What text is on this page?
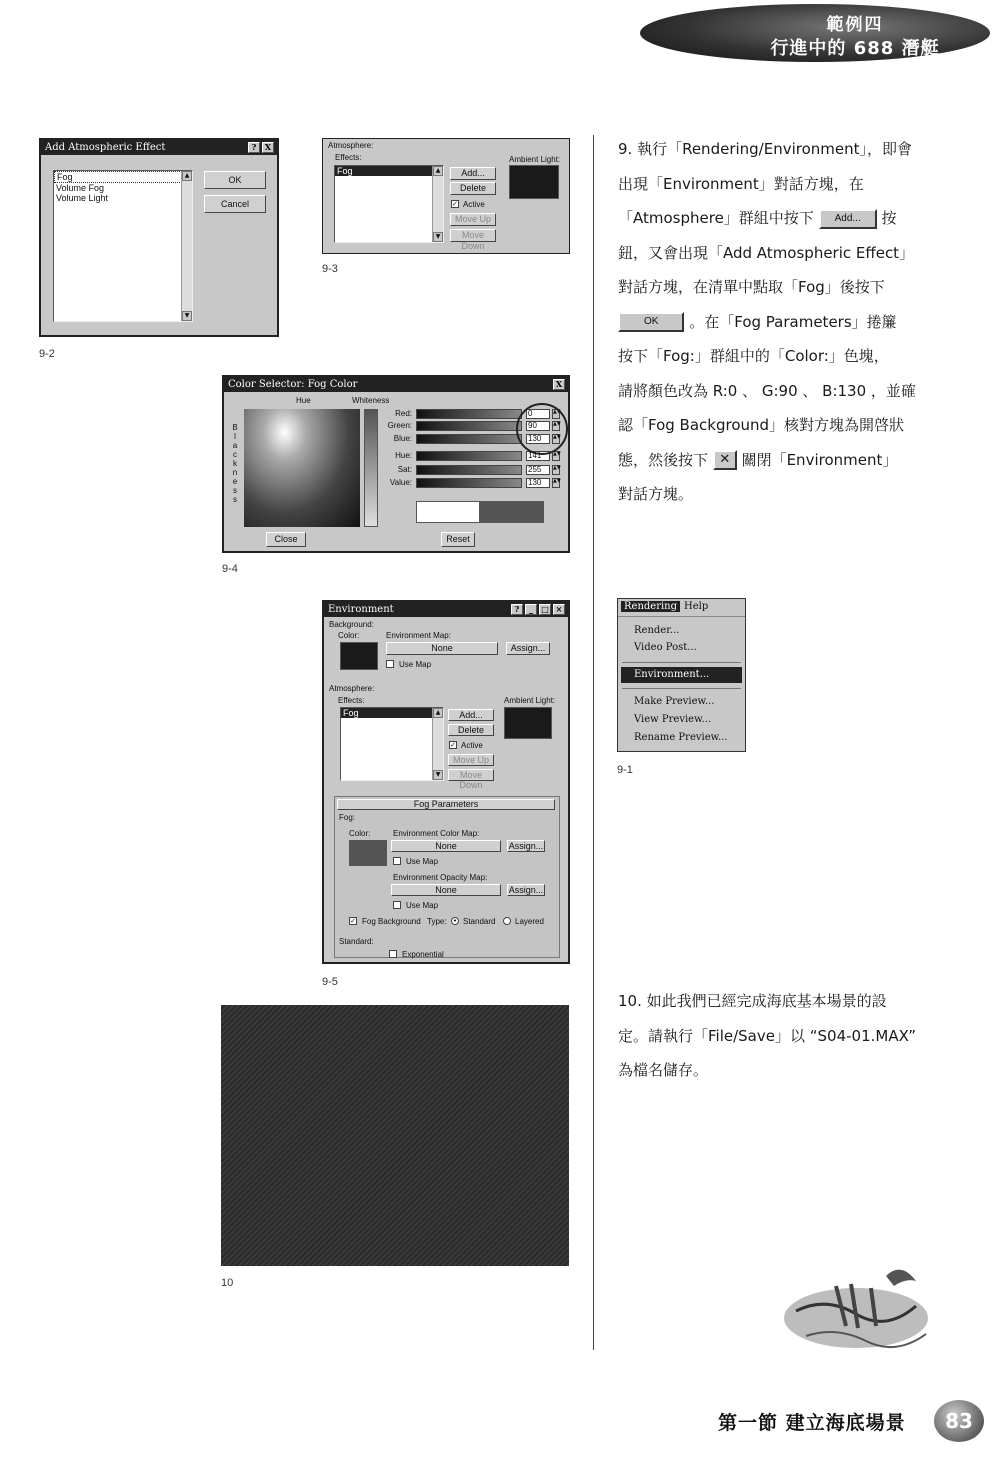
範例四
行進中的 688 潛艇
Add Atmospheric Effect	?	X
Fog
Volume Fog
Volume Light
▲
▼
OK
Cancel
9-2
Atmosphere:
Effects:	Ambient Light:
Fog	▲
▼
Add...
Delete
✓ Active
Move Up
Move Down
9-3
Color Selector: Fog Color	X
Hue	Whiteness
Blackness
Red:	0	▲▼
Green:	90	▲▼
Blue:	130	▲▼
Hue:	141	▲▼
Sat:	255	▲▼
Value:	130	▲▼
Close	Reset
9-4
Environment	?	_	□ ×
Background:
Color:	Environment Map:
None	Assign...
Use Map
Atmosphere:
Effects:	Ambient Light:
Fog	▲
▼
Add...
Delete
✓ Active
Move Up
Move Down
Fog Parameters
Fog:
Color:	Environment Color Map:
None	Assign...
Use Map
Environment Opacity Map:
None	Assign...
Use Map
✓ Fog Background Type: • Standard Layered
Standard:
Exponential
9-5
10
9. 執行「Rendering/Environment」，即會
出現「Environment」對話方塊，在
「Atmosphere」群組中按下 Add... 按
鈕，又會出現「Add Atmospheric Effect」
對話方塊，在清單中點取「Fog」後按下
OK 。在「Fog Parameters」捲簾
按下「Fog:」群組中的「Color:」色塊，
請將顏色改為 R:0 、 G:90 、 B:130 ，並確
認「Fog Background」核對方塊為開啓狀
態，然後按下 ✕ 關閉「Environment」
對話方塊。
Rendering Help
Render...
Video Post...
Environment...
Make Preview...
View Preview...
Rename Preview...
9-1
10. 如此我們已經完成海底基本場景的設
定。請執行「File/Save」以 “S04-01.MAX”
為檔名儲存。
第一節 建立海底場景	83
